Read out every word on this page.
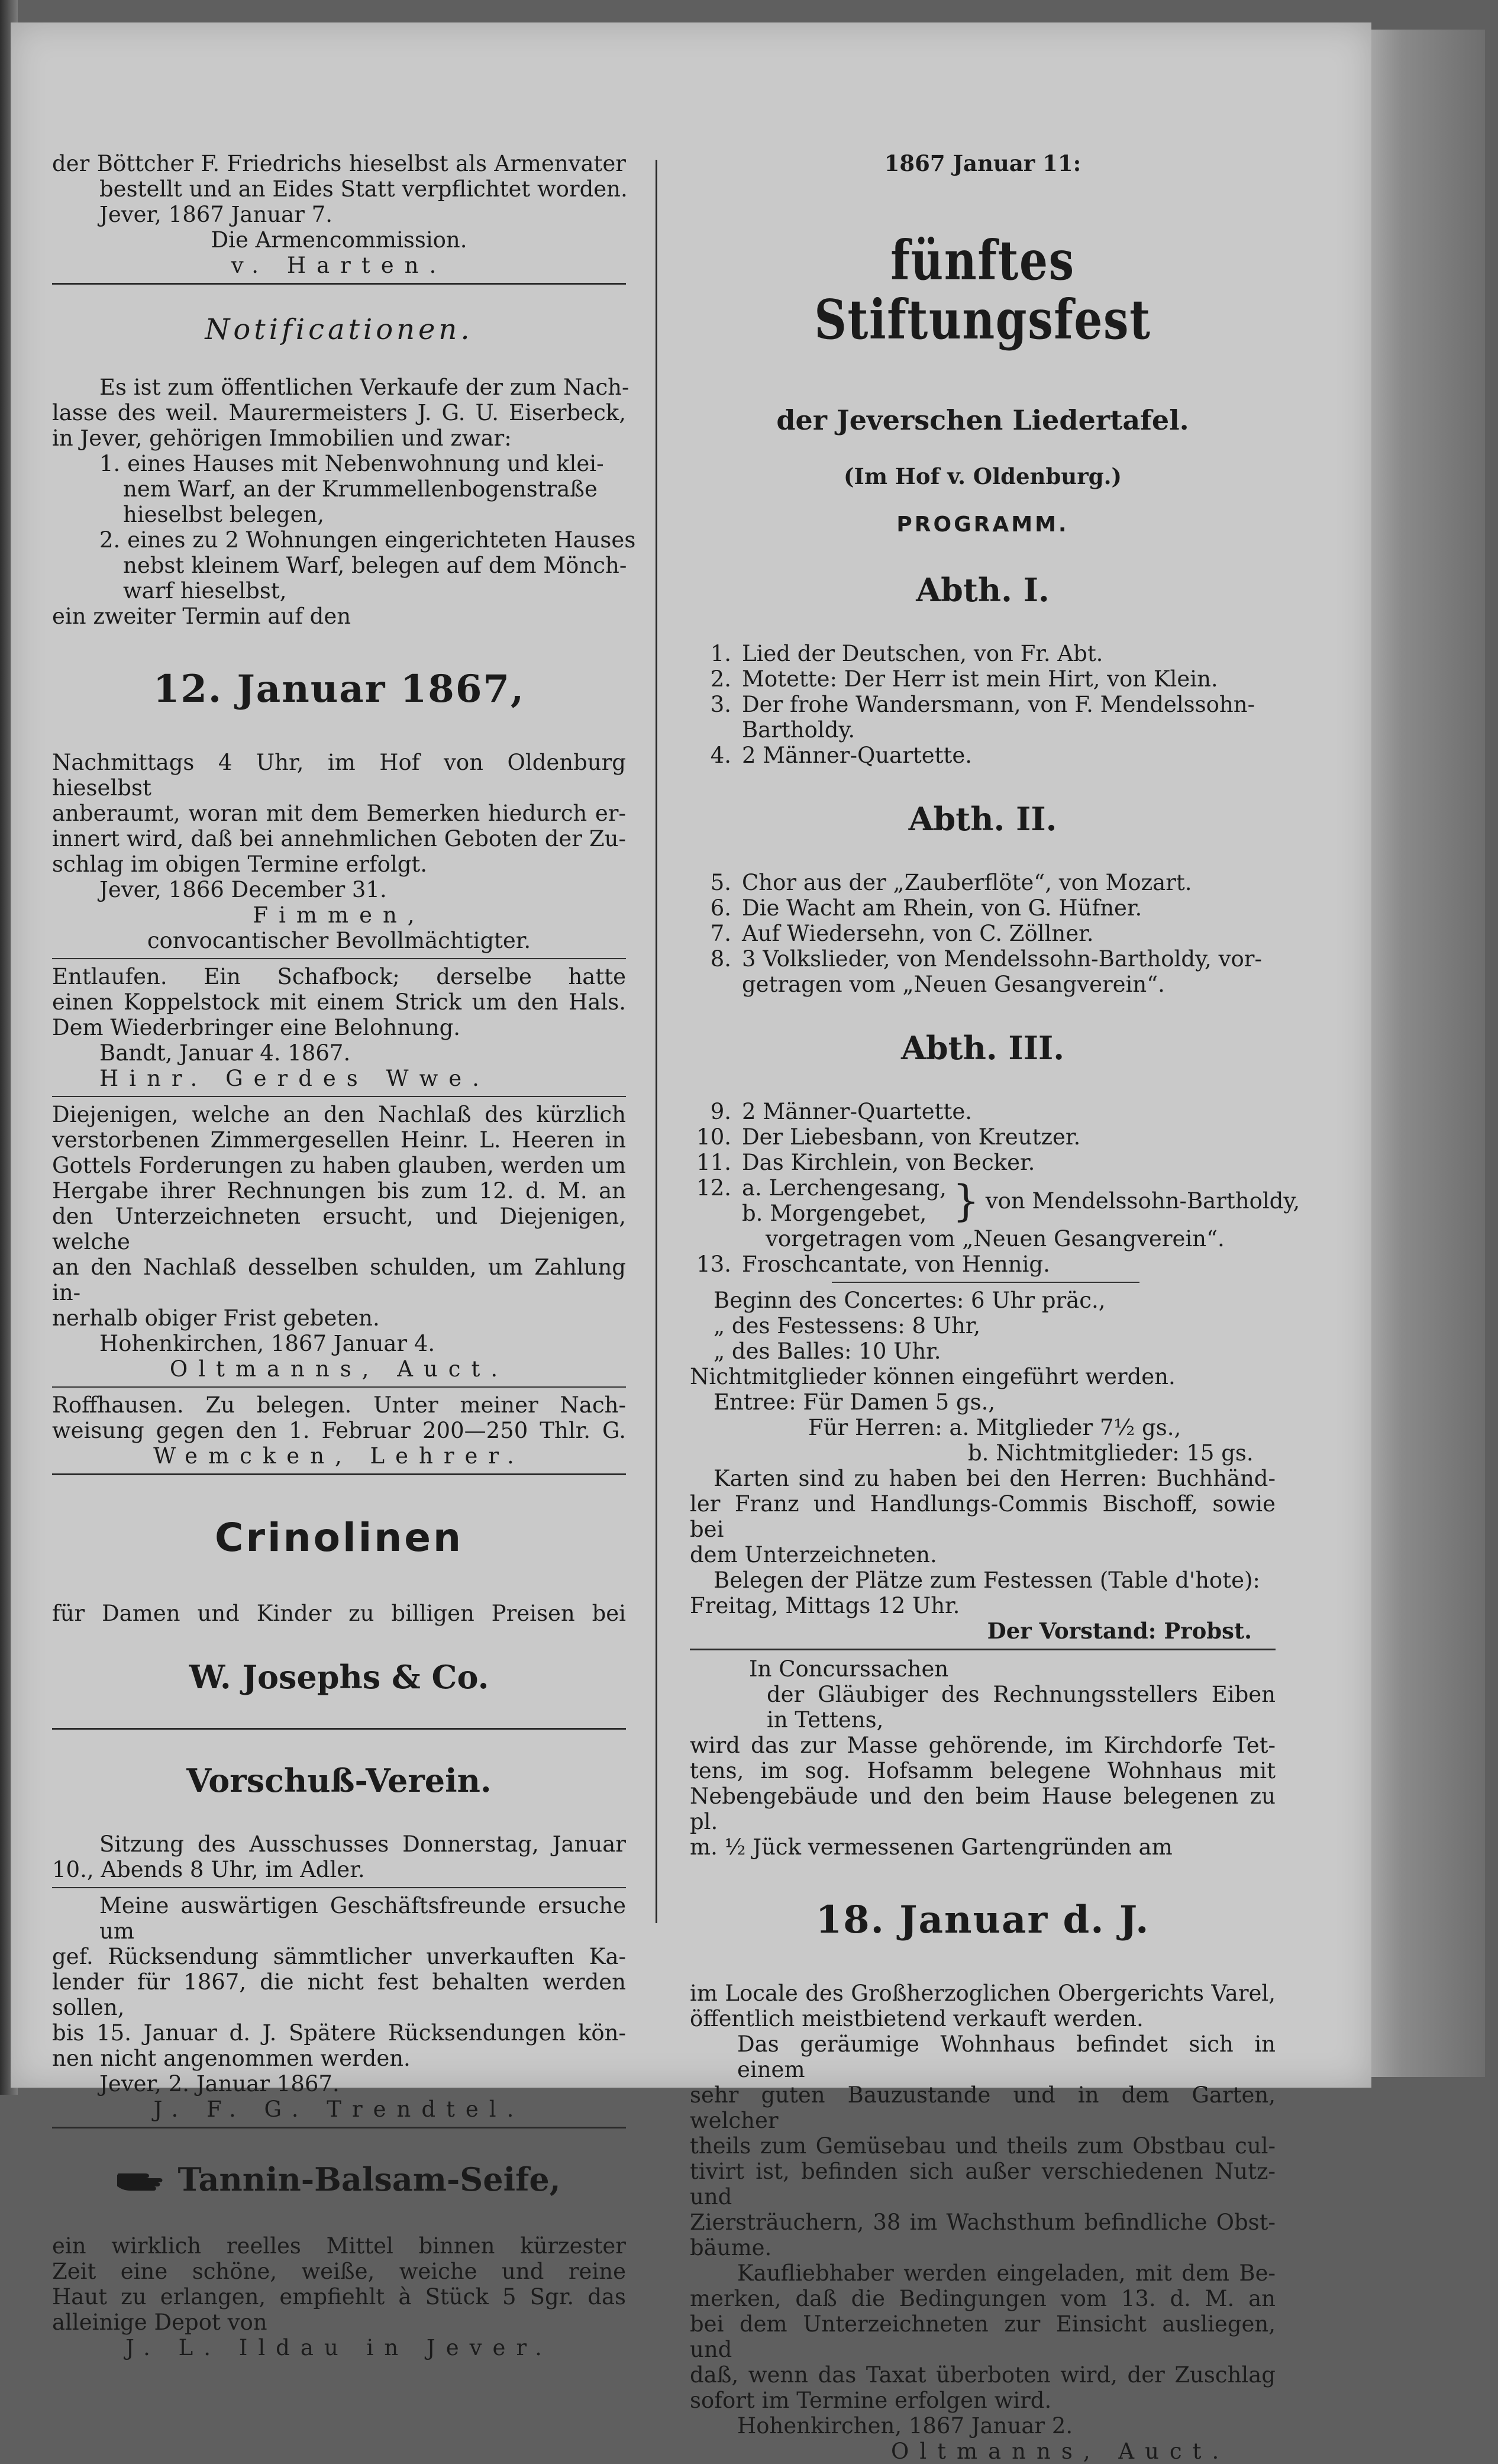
der Böttcher F. Friedrichs hieselbst als Armenvater

bestellt und an Eides Statt verpflichtet worden.

Jever, 1867 Januar 7.

Die Armencommission.

v. Harten.

Notificationen.

Es ist zum öffentlichen Verkaufe der zum Nach-

lasse des weil. Maurermeisters J. G. U. Eiserbeck,

in Jever, gehörigen Immobilien und zwar:

1. eines Hauses mit Nebenwohnung und klei-

nem Warf, an der Krummellenbogenstraße

hieselbst belegen,

2. eines zu 2 Wohnungen eingerichteten Hauses

nebst kleinem Warf, belegen auf dem Mönch-

warf hieselbst,

ein zweiter Termin auf den

12. Januar 1867,

Nachmittags 4 Uhr, im Hof von Oldenburg hieselbst

anberaumt, woran mit dem Bemerken hiedurch er-

innert wird, daß bei annehmlichen Geboten der Zu-

schlag im obigen Termine erfolgt.

Jever, 1866 December 31.

Fimmen,

convocantischer Bevollmächtigter.

Entlaufen. Ein Schafbock; derselbe hatte

einen Koppelstock mit einem Strick um den Hals.

Dem Wiederbringer eine Belohnung.

Bandt, Januar 4. 1867.

Hinr. Gerdes Wwe.

Diejenigen, welche an den Nachlaß des kürzlich

verstorbenen Zimmergesellen Heinr. L. Heeren in

Gottels Forderungen zu haben glauben, werden um

Hergabe ihrer Rechnungen bis zum 12. d. M. an

den Unterzeichneten ersucht, und Diejenigen, welche

an den Nachlaß desselben schulden, um Zahlung in-

nerhalb obiger Frist gebeten.

Hohenkirchen, 1867 Januar 4.

Oltmanns, Auct.

Roffhausen. Zu belegen. Unter meiner Nach-

weisung gegen den 1. Februar 200—250 Thlr. G.

Wemcken, Lehrer.

Crinolinen

für Damen und Kinder zu billigen Preisen bei

W. Josephs & Co.

Vorschuß-Verein.

Sitzung des Ausschusses Donnerstag, Januar

10., Abends 8 Uhr, im Adler.

Meine auswärtigen Geschäftsfreunde ersuche um

gef. Rücksendung sämmtlicher unverkauften Ka-

lender für 1867, die nicht fest behalten werden sollen,

bis 15. Januar d. J. Spätere Rücksendungen kön-

nen nicht angenommen werden.

Jever, 2. Januar 1867.

J. F. G. Trendtel.

Tannin-Balsam-Seife,

ein wirklich reelles Mittel binnen kürzester

Zeit eine schöne, weiße, weiche und reine

Haut zu erlangen, empfiehlt à Stück 5 Sgr. das

alleinige Depot von

J. L. Ildau in Jever.

1867 Januar 11:

fünftes Stiftungsfest

der Jeverschen Liedertafel.

(Im Hof v. Oldenburg.)

PROGRAMM.

Abth. I.

1. Lied der Deutschen, von Fr. Abt.
2. Motette: Der Herr ist mein Hirt, von Klein.
3. Der frohe Wandersmann, von F. Mendelssohn-
Bartholdy.
4. 2 Männer-Quartette.

Abth. II.

5. Chor aus der „Zauberflöte“, von Mozart.
6. Die Wacht am Rhein, von G. Hüfner.
7. Auf Wiedersehn, von C. Zöllner.
8. 3 Volkslieder, von Mendelssohn-Bartholdy, vor-
getragen vom „Neuen Gesangverein“.

Abth. III.

9. 2 Männer-Quartette.
10. Der Liebesbann, von Kreutzer.
11. Das Kirchlein, von Becker.
12. a. Lerchengesang,
b. Morgengebet, } von Mendelssohn-Bartholdy,

vorgetragen vom „Neuen Gesangverein“.

13. Froschcantate, von Hennig.

Beginn des Concertes: 6 Uhr präc.,

„ des Festessens: 8 Uhr,

„ des Balles: 10 Uhr.

Nichtmitglieder können eingeführt werden.

Entree: Für Damen 5 gs.,

Für Herren: a. Mitglieder 7½ gs.,

b. Nichtmitglieder: 15 gs.

Karten sind zu haben bei den Herren: Buchhänd-

ler Franz und Handlungs-Commis Bischoff, sowie bei

dem Unterzeichneten.

Belegen der Plätze zum Festessen (Table d'hote):

Freitag, Mittags 12 Uhr.

Der Vorstand: Probst.

In Concurssachen

der Gläubiger des Rechnungsstellers Eiben

in Tettens,

wird das zur Masse gehörende, im Kirchdorfe Tet-

tens, im sog. Hofsamm belegene Wohnhaus mit

Nebengebäude und den beim Hause belegenen zu pl.

m. ½ Jück vermessenen Gartengründen am

18. Januar d. J.

im Locale des Großherzoglichen Obergerichts Varel,

öffentlich meistbietend verkauft werden.

Das geräumige Wohnhaus befindet sich in einem

sehr guten Bauzustande und in dem Garten, welcher

theils zum Gemüsebau und theils zum Obstbau cul-

tivirt ist, befinden sich außer verschiedenen Nutz- und

Ziersträuchern, 38 im Wachsthum befindliche Obst-

bäume.

Kaufliebhaber werden eingeladen, mit dem Be-

merken, daß die Bedingungen vom 13. d. M. an

bei dem Unterzeichneten zur Einsicht ausliegen, und

daß, wenn das Taxat überboten wird, der Zuschlag

sofort im Termine erfolgen wird.

Hohenkirchen, 1867 Januar 2.

Oltmanns, Auct.
